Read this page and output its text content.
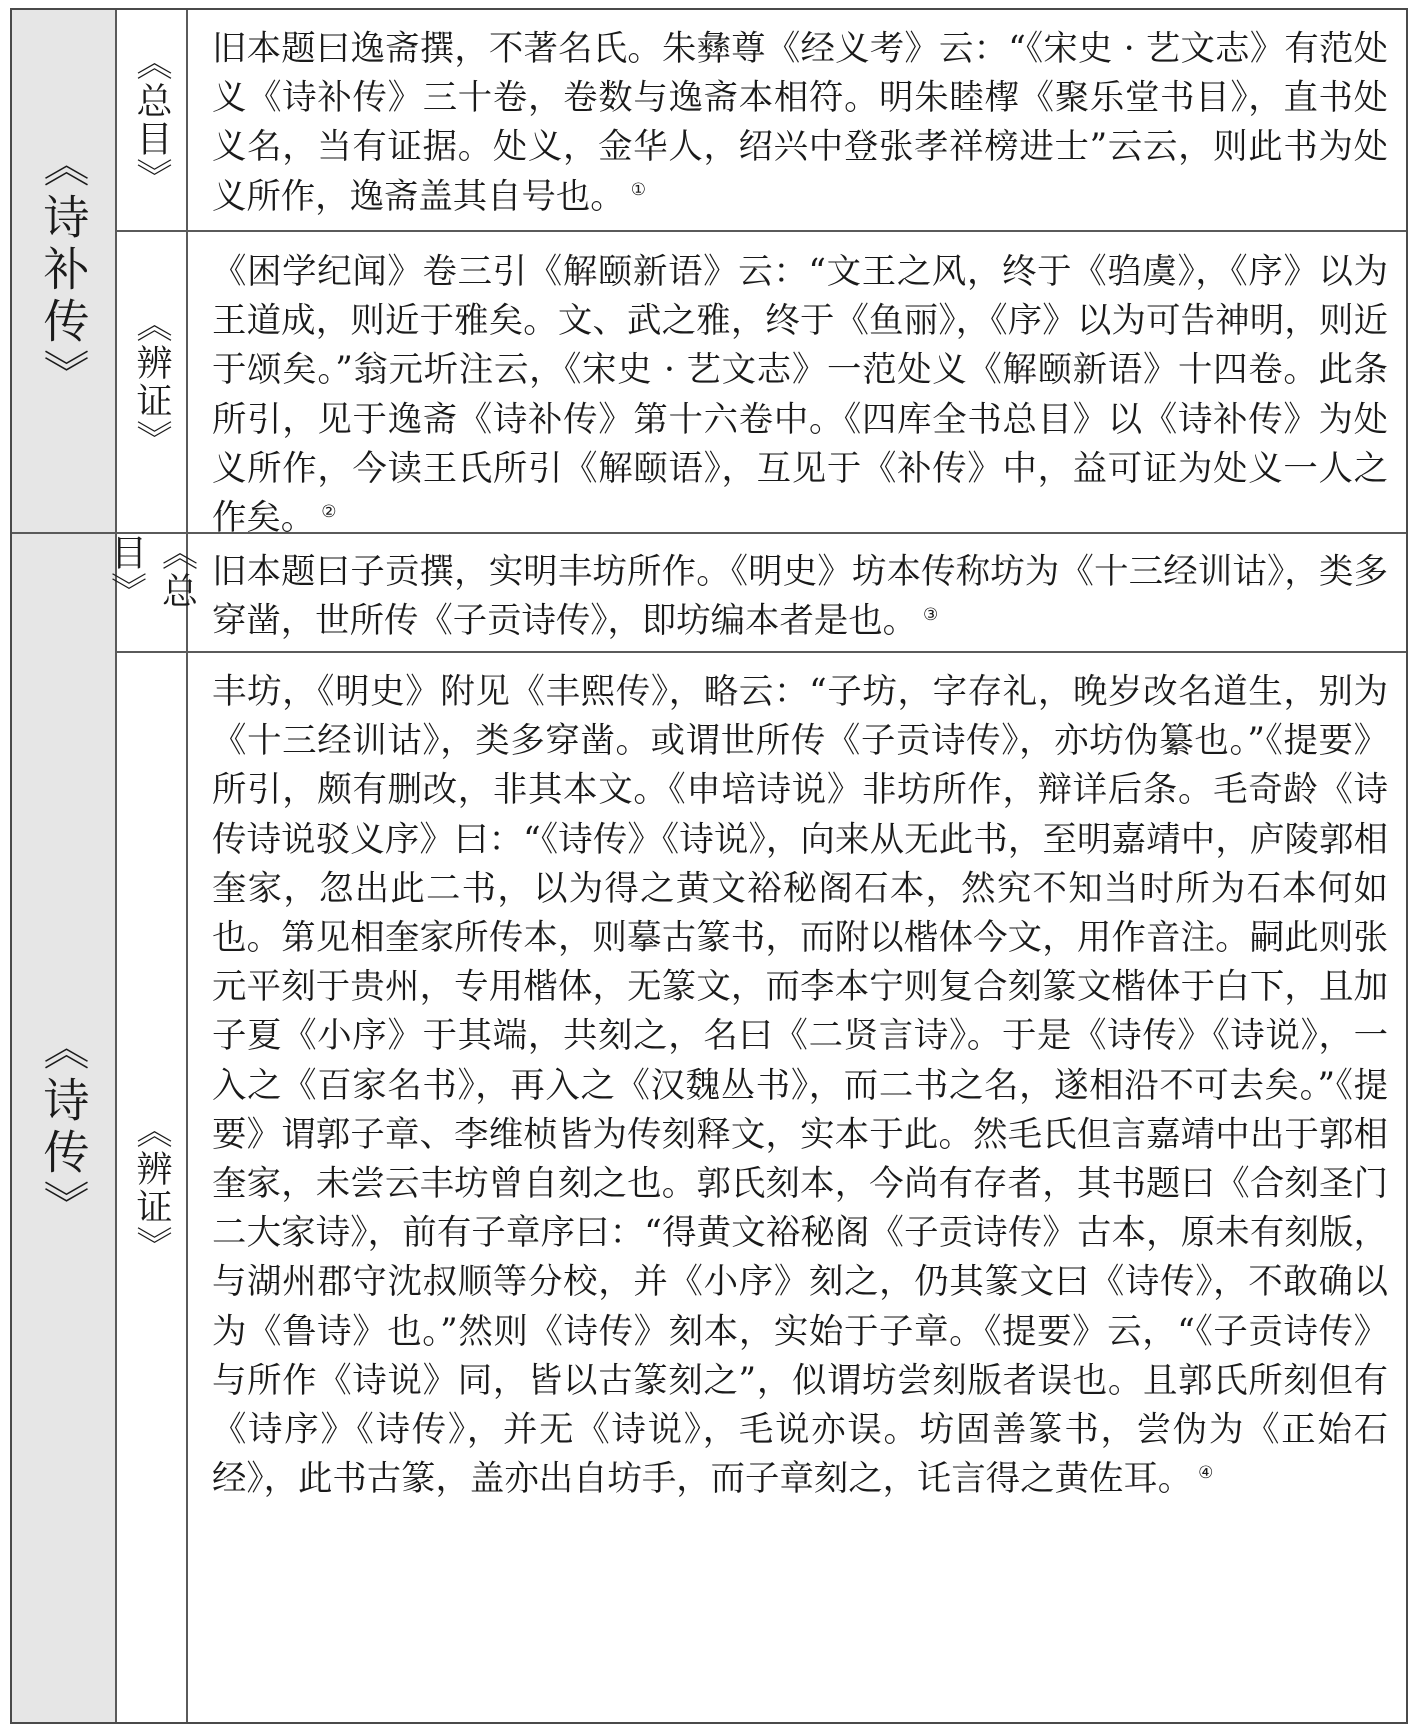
《诗补传》
《总目》	旧本题曰逸斋撰，不著名氏。朱彝尊《经义考》云：“《宋史 · 艺文志》有范处义《诗补传》三十卷，卷数与逸斋本相符。明朱睦㮮《聚乐堂书目》，直书处义名，当有证据。处义，金华人，绍兴中登张孝祥榜进士”云云，则此书为处义所作，逸斋盖其自号也。 ①
《辨证》
《困学纪闻》卷三引《解颐新语》云：“文王之风，终于《驺虞》，《序》以为王道成，则近于雅矣。文、武之雅，终于《鱼丽》，《序》以为可告神明，则近于颂矣。”翁元圻注云，《宋史 · 艺文志》一范处义《解颐新语》十四卷。此条所引，见于逸斋《诗补传》第十六卷中。《四库全书总目》以《诗补传》为处义所作，今读王氏所引《解颐语》，互见于《补传》中，益可证为处义一人之作矣。 ②
《诗传》
《总目》	旧本题曰子贡撰，实明丰坊所作。《明史》坊本传称坊为《十三经训诂》，类多穿凿，世所传《子贡诗传》，即坊编本者是也。 ③
《辨证》
丰坊，《明史》附见《丰熙传》，略云：“子坊，字存礼，晚岁改名道生，别为《十三经训诂》，类多穿凿。或谓世所传《子贡诗传》，亦坊伪纂也。”《提要》所引，颇有删改，非其本文。《申培诗说》非坊所作，辩详后条。毛奇龄《诗传诗说驳义序》曰：“《诗传》《诗说》，向来从无此书，至明嘉靖中，庐陵郭相奎家，忽出此二书，以为得之黄文裕秘阁石本，然究不知当时所为石本何如也。第见相奎家所传本，则摹古篆书，而附以楷体今文，用作音注。嗣此则张元平刻于贵州，专用楷体，无篆文，而李本宁则复合刻篆文楷体于白下，且加子夏《小序》于其端，共刻之，名曰《二贤言诗》。于是《诗传》《诗说》，一入之《百家名书》，再入之《汉魏丛书》，而二书之名，遂相沿不可去矣。”《提要》谓郭子章、李维桢皆为传刻释文，实本于此。然毛氏但言嘉靖中出于郭相奎家，未尝云丰坊曾自刻之也。郭氏刻本，今尚有存者，其书题曰《合刻圣门二大家诗》，前有子章序曰：“得黄文裕秘阁《子贡诗传》古本，原未有刻版，与湖州郡守沈叔顺等分校，并《小序》刻之，仍其篆文曰《诗传》，不敢确以为《鲁诗》也。”然则《诗传》刻本，实始于子章。《提要》云，“《子贡诗传》与所作《诗说》同，皆以古篆刻之”，似谓坊尝刻版者误也。且郭氏所刻但有《诗序》《诗传》，并无《诗说》，毛说亦误。坊固善篆书，尝伪为《正始石经》，此书古篆，盖亦出自坊手，而子章刻之，讬言得之黄佐耳。 ④
